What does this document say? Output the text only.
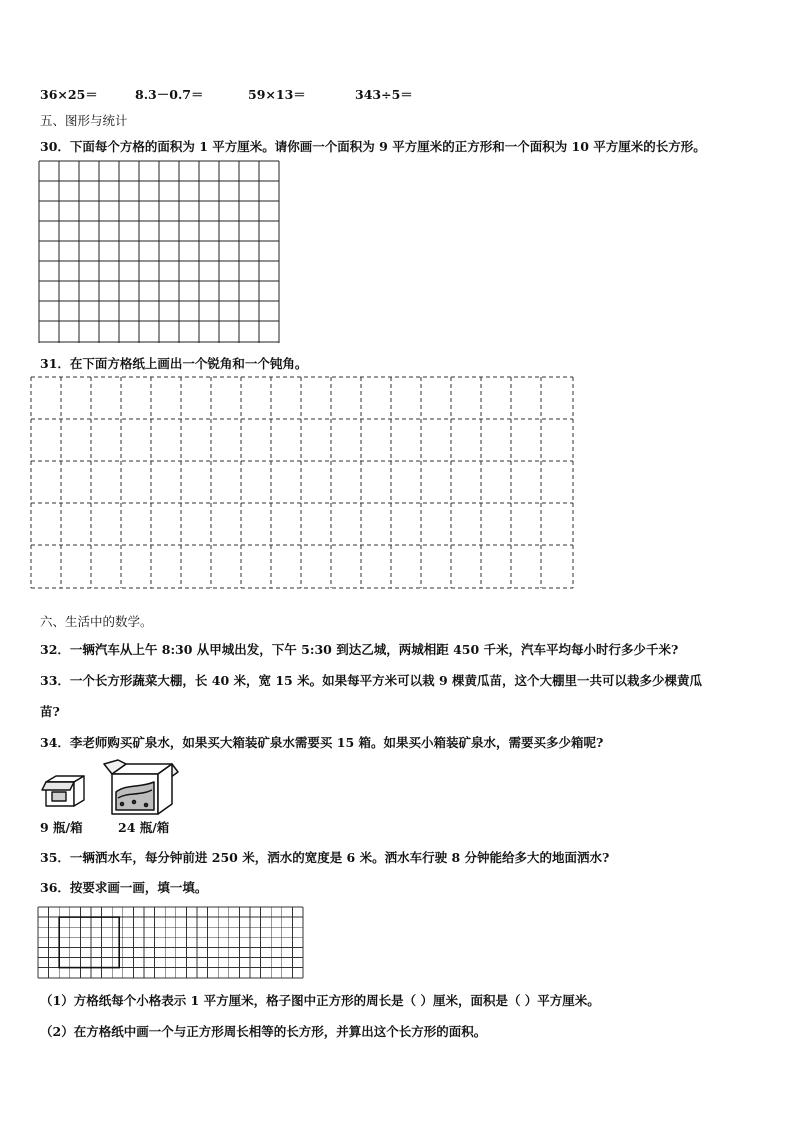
36×25＝	8.3－0.7＝	59×13＝	343÷5＝
五、图形与统计
30．下面每个方格的面积为 1 平方厘米。请你画一个面积为 9 平方厘米的正方形和一个面积为 10 平方厘米的长方形。
31．在下面方格纸上画出一个锐角和一个钝角。
六、生活中的数学。
32．一辆汽车从上午 8:30 从甲城出发，下午 5:30 到达乙城，两城相距 450 千米，汽车平均每小时行多少千米?
33．一个长方形蔬菜大棚，长 40 米，宽 15 米。如果每平方米可以栽 9 棵黄瓜苗，这个大棚里一共可以栽多少棵黄瓜
苗?
34．李老师购买矿泉水，如果买大箱装矿泉水需要买 15 箱。如果买小箱装矿泉水，需要买多少箱呢?
9 瓶/箱	24 瓶/箱
35．一辆洒水车，每分钟前进 250 米，洒水的宽度是 6 米。洒水车行驶 8 分钟能给多大的地面洒水?
36．按要求画一画，填一填。
（1）方格纸每个小格表示 1 平方厘米，格子图中正方形的周长是（ ）厘米，面积是（ ）平方厘米。
（2）在方格纸中画一个与正方形周长相等的长方形，并算出这个长方形的面积。
